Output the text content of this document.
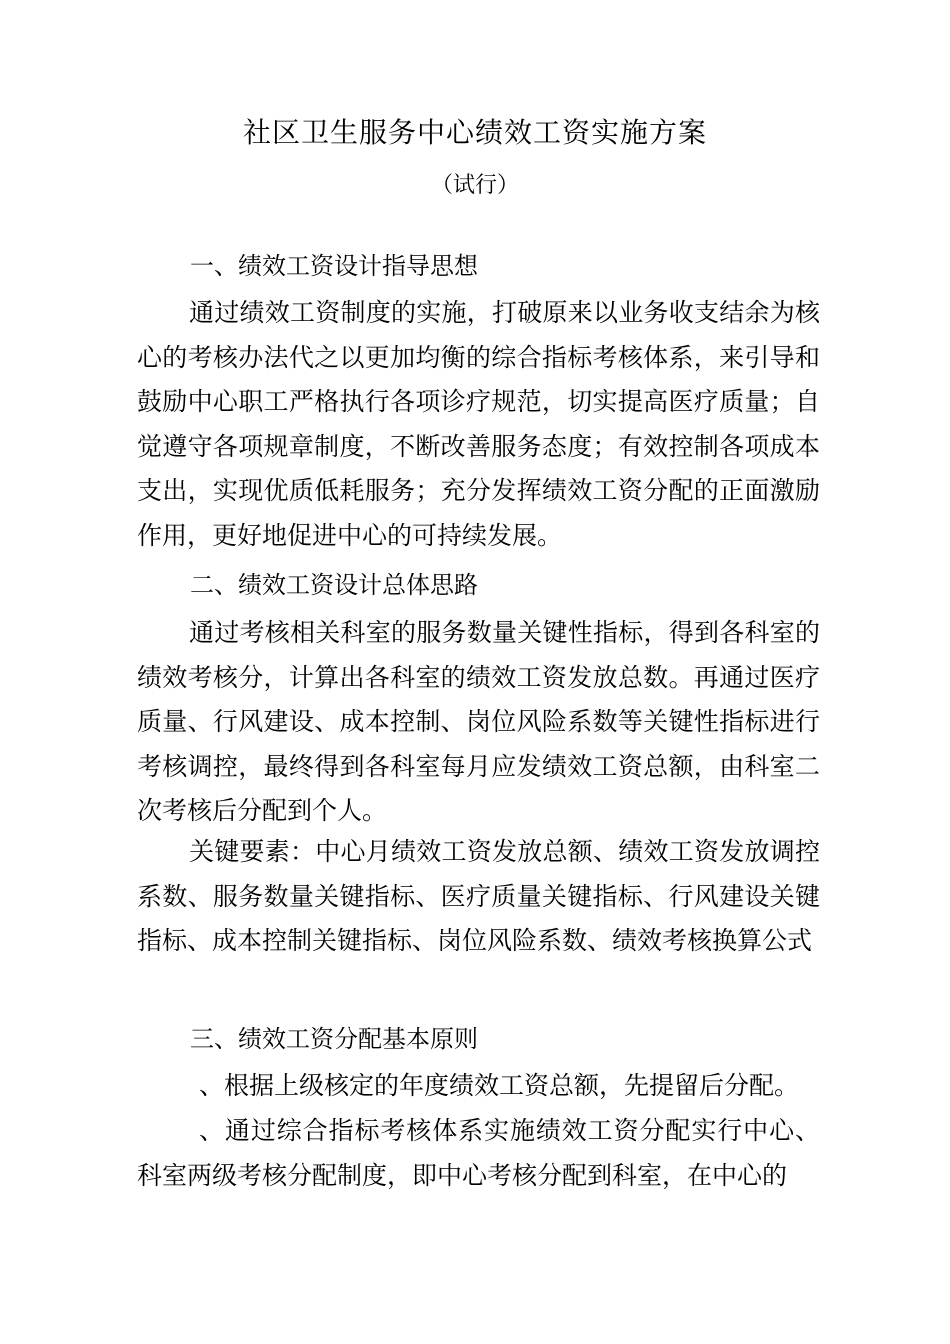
社区卫生服务中心绩效工资实施方案
（试行）
一、绩效工资设计指导思想

通过绩效工资制度的实施，打破原来以业务收支结余为核心的考核办法代之以更加均衡的综合指标考核体系，来引导和鼓励中心职工严格执行各项诊疗规范，切实提高医疗质量；自觉遵守各项规章制度，不断改善服务态度；有效控制各项成本支出，实现优质低耗服务；充分发挥绩效工资分配的正面激励作用，更好地促进中心的可持续发展。

二、绩效工资设计总体思路

通过考核相关科室的服务数量关键性指标，得到各科室的绩效考核分，计算出各科室的绩效工资发放总数。再通过医疗质量、行风建设、成本控制、岗位风险系数等关键性指标进行考核调控，最终得到各科室每月应发绩效工资总额，由科室二次考核后分配到个人。

关键要素：中心月绩效工资发放总额、绩效工资发放调控系数、服务数量关键指标、医疗质量关键指标、行风建设关键指标、成本控制关键指标、岗位风险系数、绩效考核换算公式

三、绩效工资分配基本原则

、根据上级核定的年度绩效工资总额，先提留后分配。

、通过综合指标考核体系实施绩效工资分配实行中心、科室两级考核分配制度，即中心考核分配到科室，在中心的
